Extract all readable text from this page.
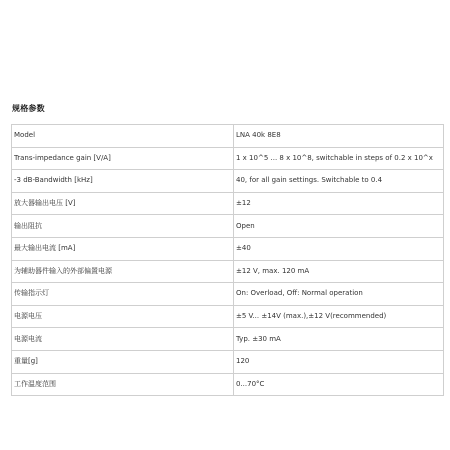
规格参数
Model	LNA 40k 8E8
Trans-impedance gain [V/A]	1 x 10^5 ... 8 x 10^8, switchable in steps of 0.2 x 10^x
-3 dB-Bandwidth [kHz]	40, for all gain settings. Switchable to 0.4
放大器输出电压 [V]	±12
输出阻抗	Open
最大输出电流 [mA]	±40
为辅助器件输入的外部偏置电源	±12 V, max. 120 mA
传输指示灯	On: Overload, Off: Normal operation
电源电压	±5 V... ±14V (max.),±12 V(recommended)
电源电流	Typ. ±30 mA
重量[g]	120
工作温度范围	0...70°C
